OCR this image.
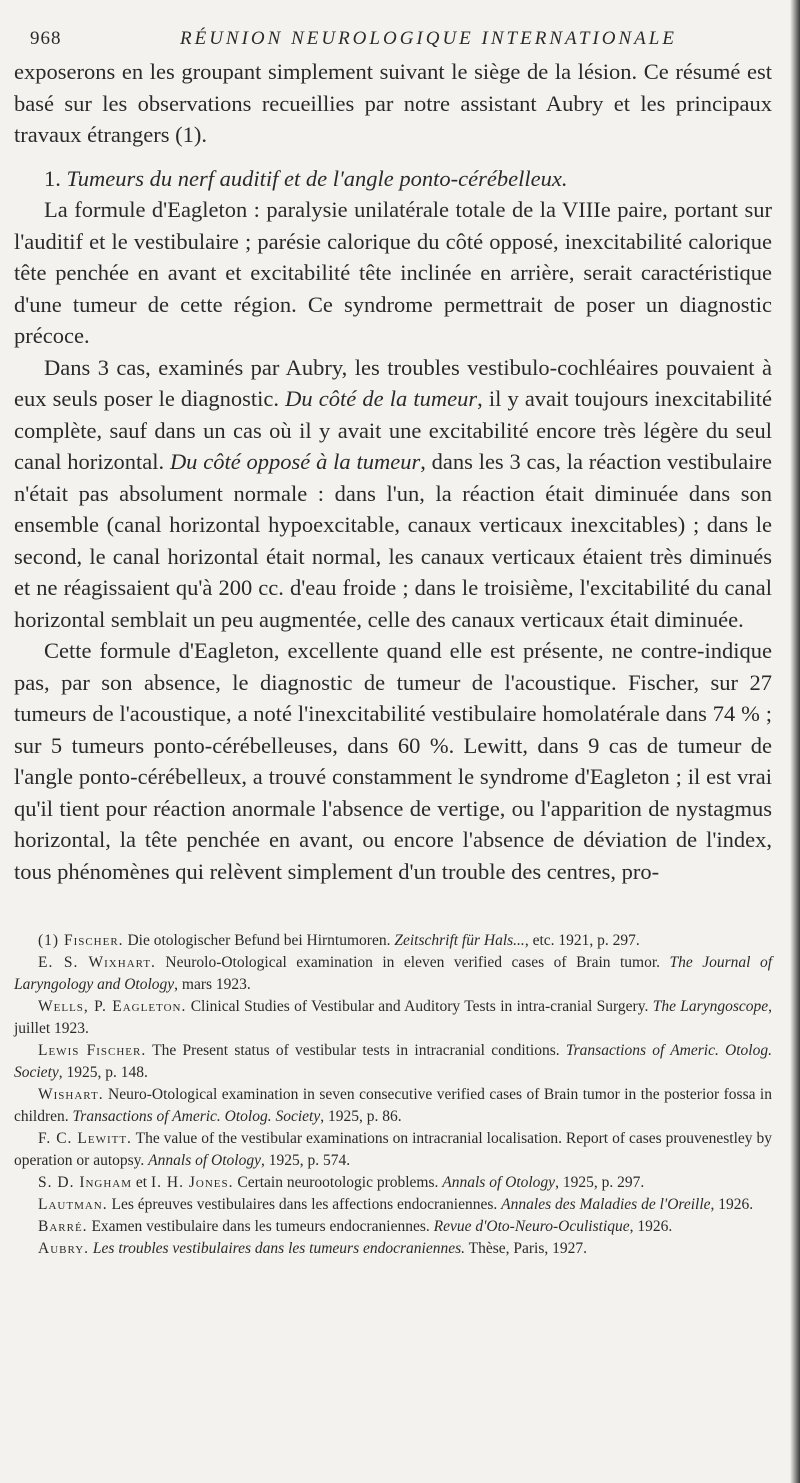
968	RÉUNION NEUROLOGIQUE INTERNATIONALE

exposerons en les groupant simplement suivant le siège de la lésion. Ce résumé est basé sur les observations recueillies par notre assistant Aubry et les principaux travaux étrangers (1).

1. Tumeurs du nerf auditif et de l'angle ponto-cérébelleux.

La formule d'Eagleton : paralysie unilatérale totale de la VIIIe paire, portant sur l'auditif et le vestibulaire ; parésie calorique du côté opposé, inexcitabilité calorique tête penchée en avant et excitabilité tête inclinée en arrière, serait caractéristique d'une tumeur de cette région. Ce syndrome permettrait de poser un diagnostic précoce.

Dans 3 cas, examinés par Aubry, les troubles vestibulo-cochléaires pouvaient à eux seuls poser le diagnostic. Du côté de la tumeur, il y avait toujours inexcitabilité complète, sauf dans un cas où il y avait une excitabilité encore très légère du seul canal horizontal. Du côté opposé à la tumeur, dans les 3 cas, la réaction vestibulaire n'était pas absolument normale : dans l'un, la réaction était diminuée dans son ensemble (canal horizontal hypoexcitable, canaux verticaux inexcitables) ; dans le second, le canal horizontal était normal, les canaux verticaux étaient très diminués et ne réagissaient qu'à 200 cc. d'eau froide ; dans le troisième, l'excitabilité du canal horizontal semblait un peu augmentée, celle des canaux verticaux était diminuée.

Cette formule d'Eagleton, excellente quand elle est présente, ne contre-indique pas, par son absence, le diagnostic de tumeur de l'acoustique. Fischer, sur 27 tumeurs de l'acoustique, a noté l'inexcitabilité vestibulaire homolatérale dans 74 % ; sur 5 tumeurs ponto-cérébelleuses, dans 60 %. Lewitt, dans 9 cas de tumeur de l'angle ponto-cérébelleux, a trouvé constamment le syndrome d'Eagleton ; il est vrai qu'il tient pour réaction anormale l'absence de vertige, ou l'apparition de nystagmus horizontal, la tête penchée en avant, ou encore l'absence de déviation de l'index, tous phénomènes qui relèvent simplement d'un trouble des centres, pro-

(1) Fischer. Die otologischer Befund bei Hirntumoren. Zeitschrift für Hals..., etc. 1921, p. 297.

E. S. Wixhart. Neurolo-Otological examination in eleven verified cases of Brain tumor. The Journal of Laryngology and Otology, mars 1923.

Wells, P. Eagleton. Clinical Studies of Vestibular and Auditory Tests in intra-cranial Surgery. The Laryngoscope, juillet 1923.

Lewis Fischer. The Present status of vestibular tests in intracranial conditions. Transactions of Americ. Otolog. Society, 1925, p. 148.

Wishart. Neuro-Otological examination in seven consecutive verified cases of Brain tumor in the posterior fossa in children. Transactions of Americ. Otolog. Society, 1925, p. 86.

F. C. Lewitt. The value of the vestibular examinations on intracranial localisation. Report of cases prouvenestley by operation or autopsy. Annals of Otology, 1925, p. 574.

S. D. Ingham et I. H. Jones. Certain neurootologic problems. Annals of Otology, 1925, p. 297.

Lautman. Les épreuves vestibulaires dans les affections endocraniennes. Annales des Maladies de l'Oreille, 1926.

Barré. Examen vestibulaire dans les tumeurs endocraniennes. Revue d'Oto-Neuro-Oculistique, 1926.

Aubry. Les troubles vestibulaires dans les tumeurs endocraniennes. Thèse, Paris, 1927.
